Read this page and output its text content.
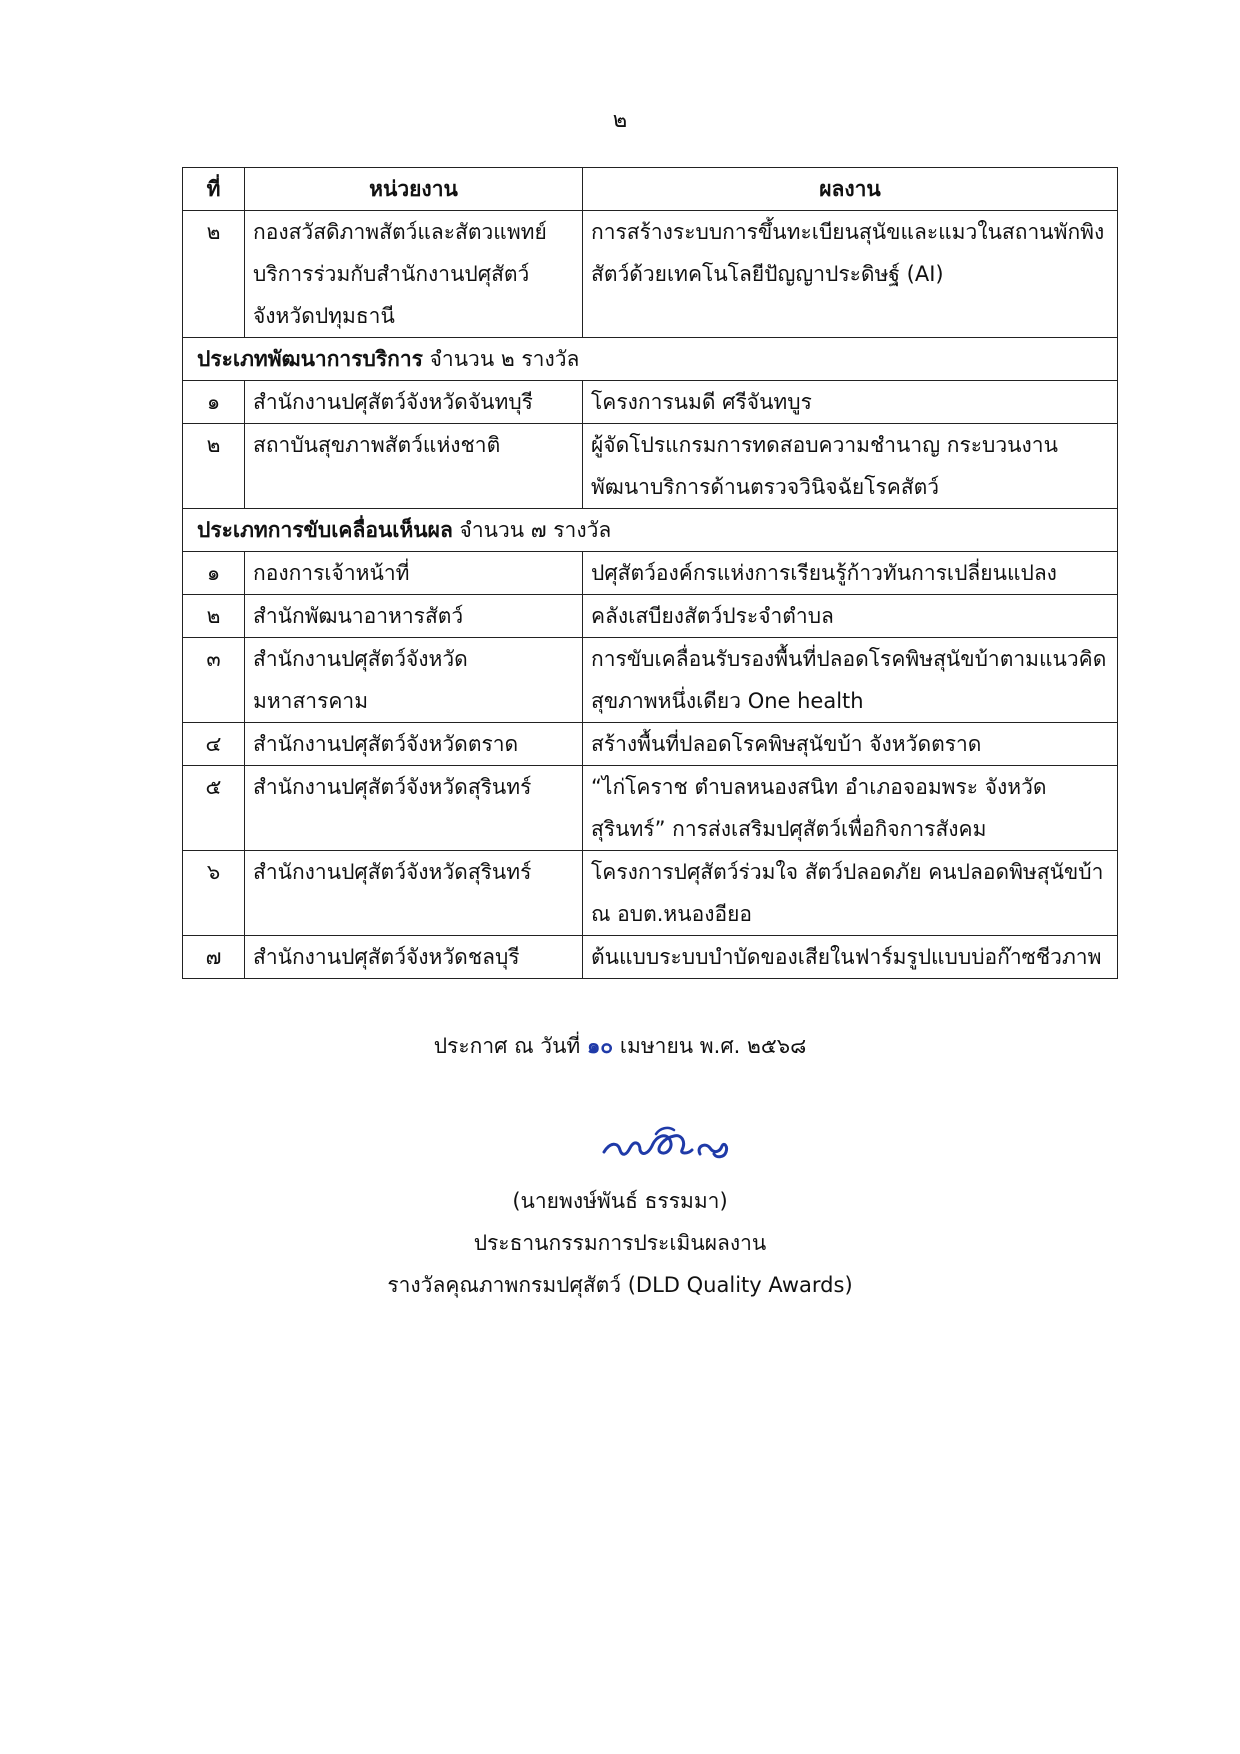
๒
ที่	หน่วยงาน	ผลงาน
๒	กองสวัสดิภาพสัตว์และสัตวแพทย์บริการร่วมกับสำนักงานปศุสัตว์จังหวัดปทุมธานี	การสร้างระบบการขึ้นทะเบียนสุนัขและแมวในสถานพักพิงสัตว์ด้วยเทคโนโลยีปัญญาประดิษฐ์ (AI)
ประเภทพัฒนาการบริการ จำนวน ๒ รางวัล		
๑	สำนักงานปศุสัตว์จังหวัดจันทบุรี	โครงการนมดี ศรีจันทบูร
๒	สถาบันสุขภาพสัตว์แห่งชาติ	ผู้จัดโปรแกรมการทดสอบความชำนาญ กระบวนงานพัฒนาบริการด้านตรวจวินิจฉัยโรคสัตว์
ประเภทการขับเคลื่อนเห็นผล จำนวน ๗ รางวัล		
๑	กองการเจ้าหน้าที่	ปศุสัตว์องค์กรแห่งการเรียนรู้ก้าวทันการเปลี่ยนแปลง
๒	สำนักพัฒนาอาหารสัตว์	คลังเสบียงสัตว์ประจำตำบล
๓	สำนักงานปศุสัตว์จังหวัดมหาสารคาม	การขับเคลื่อนรับรองพื้นที่ปลอดโรคพิษสุนัขบ้าตามแนวคิดสุขภาพหนึ่งเดียว One health
๔	สำนักงานปศุสัตว์จังหวัดตราด	สร้างพื้นที่ปลอดโรคพิษสุนัขบ้า จังหวัดตราด
๕	สำนักงานปศุสัตว์จังหวัดสุรินทร์	“ไก่โคราช ตำบลหนองสนิท อำเภอจอมพระ จังหวัดสุรินทร์” การส่งเสริมปศุสัตว์เพื่อกิจการสังคม
๖	สำนักงานปศุสัตว์จังหวัดสุรินทร์	โครงการปศุสัตว์ร่วมใจ สัตว์ปลอดภัย คนปลอดพิษสุนัขบ้า ณ อบต.หนองอียอ
๗	สำนักงานปศุสัตว์จังหวัดชลบุรี	ต้นแบบระบบบำบัดของเสียในฟาร์มรูปแบบบ่อก๊าซชีวภาพ
ประกาศ ณ วันที่ ๑๐ เมษายน พ.ศ. ๒๕๖๘
(นายพงษ์พันธ์ ธรรมมา)
ประธานกรรมการประเมินผลงาน
รางวัลคุณภาพกรมปศุสัตว์ (DLD Quality Awards)
